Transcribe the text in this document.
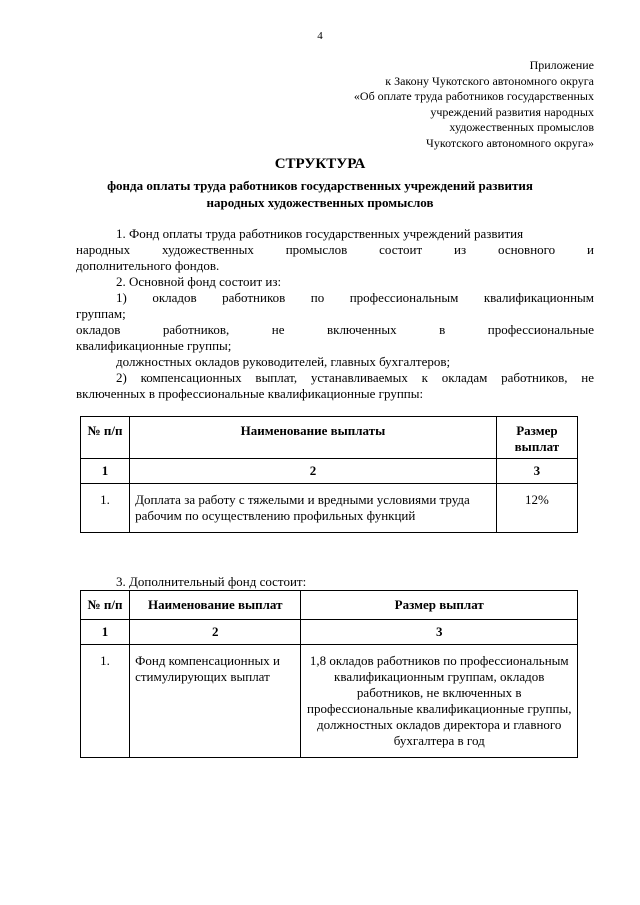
4
Приложение
к Закону Чукотского автономного округа
«Об оплате труда работников государственных
учреждений развития народных
художественных промыслов
Чукотского автономного округа»
СТРУКТУРА
фонда оплаты труда работников государственных учреждений развития
народных художественных промыслов
1. Фонд оплаты труда работников государственных учреждений развития
народных художественных промыслов состоит из основного и
дополнительного фондов.
2. Основной фонд состоит из:
1) окладов работников по профессиональным квалификационным
группам;
окладов работников, не включенных в профессиональные
квалификационные группы;
должностных окладов руководителей, главных бухгалтеров;
2) компенсационных выплат, устанавливаемых к окладам работников, не
включенных в профессиональные квалификационные группы:
№ п/п	Наименование выплаты	Размер выплат
1	2	3
1.	Доплата за работу с тяжелыми и вредными условиями труда рабочим по осуществлению профильных функций	12%
3. Дополнительный фонд состоит:
№ п/п	Наименование выплат	Размер выплат
1	2	3
1.	Фонд компенсационных и стимулирующих выплат	1,8 окладов работников по профессиональным квалификационным группам, окладов работников, не включенных в профессиональные квалификационные группы, должностных окладов директора и главного бухгалтера в год
